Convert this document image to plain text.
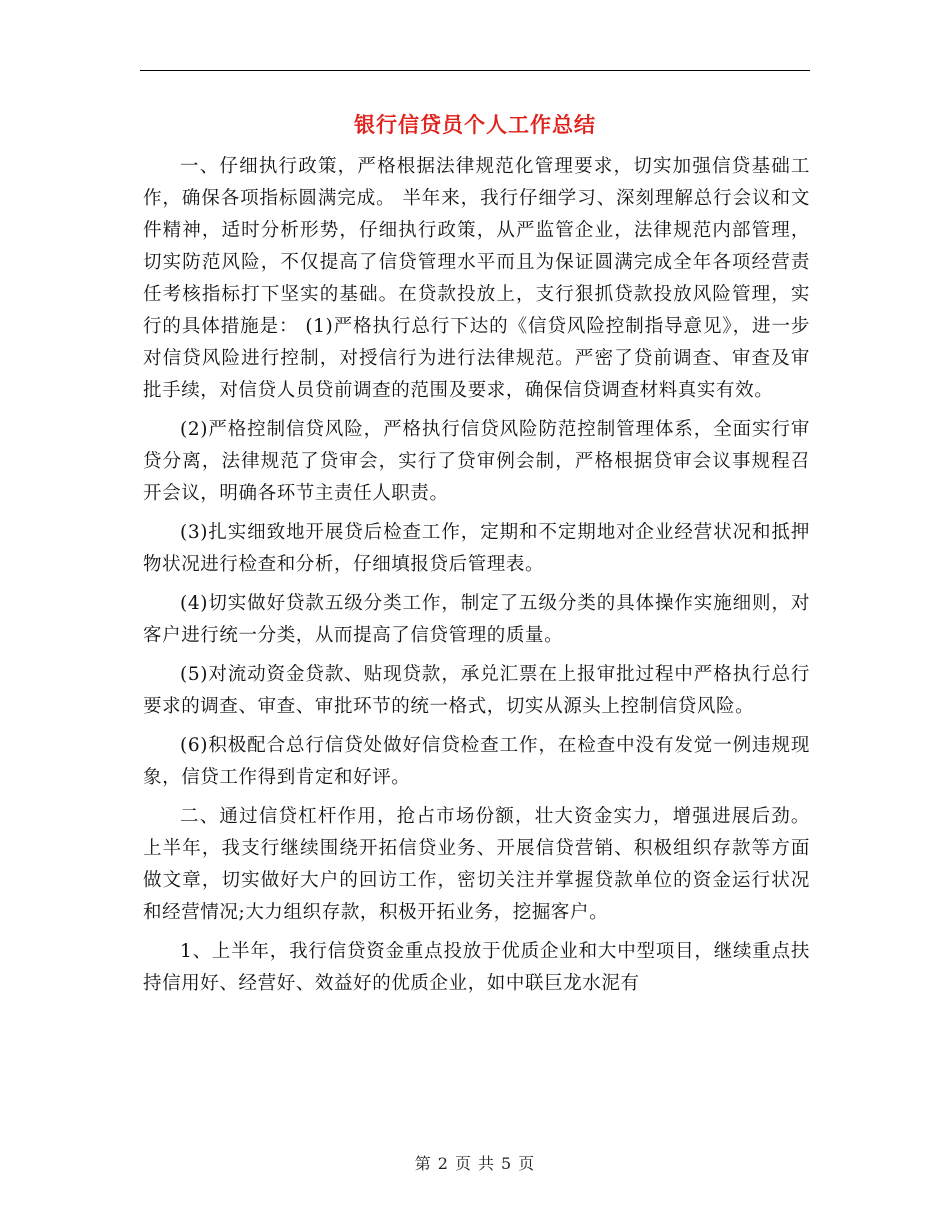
银行信贷员个人工作总结

一、仔细执行政策，严格根据法律规范化管理要求，切实加强信贷基础工作，确保各项指标圆满完成。 半年来，我行仔细学习、深刻理解总行会议和文件精神，适时分析形势，仔细执行政策，从严监管企业，法律规范内部管理，切实防范风险，不仅提高了信贷管理水平而且为保证圆满完成全年各项经营责任考核指标打下坚实的基础。在贷款投放上，支行狠抓贷款投放风险管理，实行的具体措施是： (1)严格执行总行下达的《信贷风险控制指导意见》，进一步对信贷风险进行控制，对授信行为进行法律规范。严密了贷前调查、审查及审批手续，对信贷人员贷前调查的范围及要求，确保信贷调查材料真实有效。

(2)严格控制信贷风险，严格执行信贷风险防范控制管理体系，全面实行审贷分离，法律规范了贷审会，实行了贷审例会制，严格根据贷审会议事规程召开会议，明确各环节主责任人职责。

(3)扎实细致地开展贷后检查工作，定期和不定期地对企业经营状况和抵押物状况进行检查和分析，仔细填报贷后管理表。

(4)切实做好贷款五级分类工作，制定了五级分类的具体操作实施细则，对客户进行统一分类，从而提高了信贷管理的质量。

(5)对流动资金贷款、贴现贷款，承兑汇票在上报审批过程中严格执行总行要求的调查、审查、审批环节的统一格式，切实从源头上控制信贷风险。

(6)积极配合总行信贷处做好信贷检查工作，在检查中没有发觉一例违规现象，信贷工作得到肯定和好评。

二、通过信贷杠杆作用，抢占市场份额，壮大资金实力，增强进展后劲。上半年，我支行继续围绕开拓信贷业务、开展信贷营销、积极组织存款等方面做文章，切实做好大户的回访工作，密切关注并掌握贷款单位的资金运行状况和经营情况;大力组织存款，积极开拓业务，挖掘客户。

1、上半年，我行信贷资金重点投放于优质企业和大中型项目，继续重点扶持信用好、经营好、效益好的优质企业，如中联巨龙水泥有

第 2 页 共 5 页
